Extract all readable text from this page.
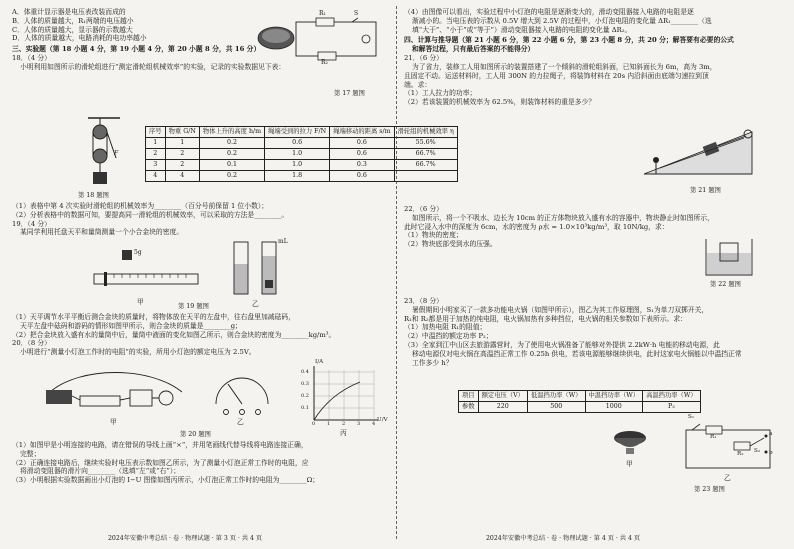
A．体重计显示器是电压表改装而成的
B．人体的质量越大，R₁两端的电压越小
C．人体的质量越大，显示器的示数越大
D．人体的质量越大，电路消耗的电功率越小
三、实验题（第 18 小题 4 分，第 19 小题 4 分，第 20 小题 8 分，共 16 分）
18．（4 分）
小明利用如图所示的滑轮组进行“测定滑轮组机械效率”的实验，记录的实验数据见下表：
R₁
R₂
S
第 17 题图
F
第 18 题图
序号	物重 G/N	物体上升的高度 h/m	绳端受到的拉力 F/N	绳端移动的距离 s/m	滑轮组的机械效率 η
1	1	0.2	0.6	0.6	55.6%
2	2	0.2	1.0	0.6	66.7%
3	2	0.1	1.0	0.3	66.7%
4	4	0.2	1.8	0.6	
（1）表格中第 4 次实验时滑轮组的机械效率为________（百分号前保留 1 位小数）；
（2）分析表格中的数据可知，要提高同一滑轮组的机械效率，可以采取的方法是________。
19．（4 分）
某同学利用托盘天平和量筒测量一个小合金块的密度。
5g
甲
mL
乙
第 19 题图
（1）天平调节水平平衡后测合金块的质量时，将物体放在天平的左盘中，往右盘里加减砝码，
天平左盘中砝码和游码的情形如图甲所示，则合金块的质量是________g；
（2）把合金块放入盛有水的量筒中后，量筒中液面的变化如图乙所示，则合金块的密度为________kg/m³。
20．（8 分）
小明进行“测量小灯泡工作时的电阻”的实验，所用小灯泡的额定电压为 2.5V。
甲	乙
I/A
U/V
0.4
0.3
0.2
0.1
0 1 2 3 4
丙
第 20 题图
（1）如图甲是小明连接的电路，请在错误的导线上画“×”，并用笔画线代替导线将电路连接正确，
完整；
（2）正确连接电路后，继续实验时电压表示数如图乙所示，为了测量小灯泡正常工作时的电阻，应
将滑动变阻器的滑片向________（选填“左”或“右”）；
（3）小明根据实验数据画出小灯泡的 I−U 图像如图丙所示，小灯泡正常工作时的电阻为________Ω；
2024年安徽中考总结 · 卷 · 物理试题 · 第 3 页 · 共 4 页
（4）由图像可以看出，实验过程中小灯泡的电阻是逐渐变大的，滑动变阻器接入电路的电阻是逐
渐减小的。当电压表的示数从 0.5V 增大到 2.5V 的过程中，小灯泡电阻的变化量 ΔR₁________（选
填“大于”、“小于”或“等于”）滑动变阻器接入电路的电阻的变化量 ΔR₂。
四、计算与推导题（第 21 小题 6 分，第 22 小题 6 分，第 23 小题 8 分，共 20 分；解答要有必要的公式
和解答过程，只有最后答案的不能得分）
21．（6 分）
为了省力，装修工人用如图所示的装置搭建了一个倾斜的滑轮组斜面，已知斜面长为 6m，高为 3m，
且固定不动。运送材料时，工人用 300N 的力拉绳子，将装饰材料在 20s 内沿斜面由底端匀速拉到顶
端。求：
（1）工人拉力的功率；
（2）若该装置的机械效率为 62.5%，则装饰材料的重是多少？
第 21 题图
22．（6 分）
如图所示，将一个不吸水、边长为 10cm 的正方体物块放入盛有水的容器中，物块静止时如图所示，
此时它浸入水中的深度为 6cm，水的密度为 ρ水 = 1.0×10³kg/m³，取 10N/kg，求：
（1）物块的密度；
（2）物块底部受到水的压强。
第 22 题图
23．（8 分）
暑假期间小明家买了一款多功能电火锅（如图甲所示），图乙为其工作原理图，S₁为单刀双掷开关，
R₁和 R₂都是用于加热的纯电阻，电火锅加热有多种挡位，电火锅的相关参数如下表所示。求：
（1）加热电阻 R₁的阻值；
（2）中温挡的额定功率 P₂；
（3）全家到江中山区去旅游露营时，为了使用电火锅准备了能够对外提供 2.2kW·h 电能的移动电源，此
移动电源仅对电火锅在高温挡正常工作 0.25h 供电，若该电源能够继续供电，此时这家电火锅能以中温挡正常
工作多少 h？
项目	额定电压（V）	低温挡功率（W）	中温挡功率（W）	高温挡功率（W）
参数	220	500	1000	P₃
甲
S₁
R₁
R₂ S₂
a
b
乙
第 23 题图
2024年安徽中考总结 · 卷 · 物理试题 · 第 4 页 · 共 4 页
